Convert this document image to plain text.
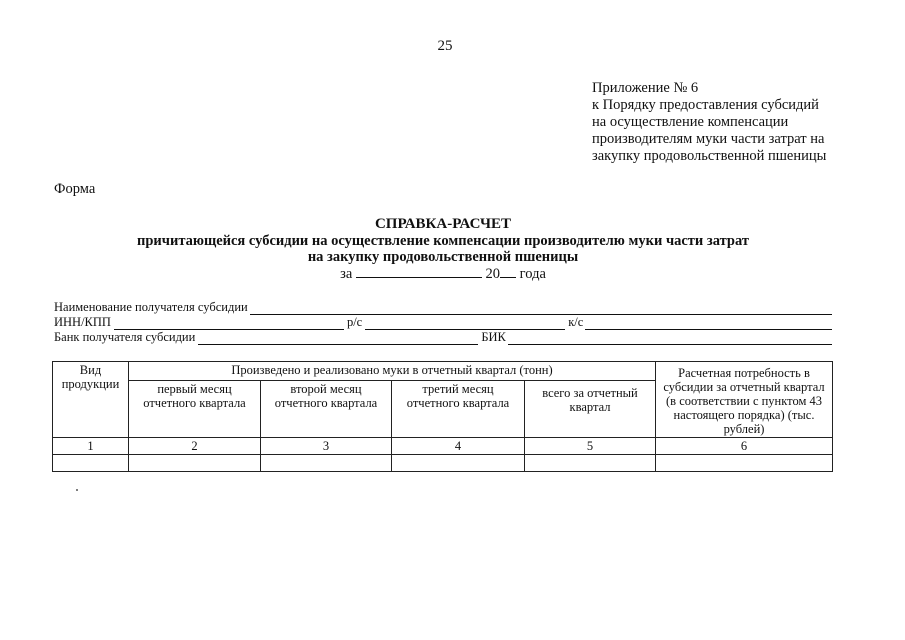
25
Приложение № 6
к Порядку предоставления субсидий
на осуществление компенсации
производителям муки части затрат на
закупку продовольственной пшеницы
Форма
СПРАВКА-РАСЧЕТ
причитающейся субсидии на осуществление компенсации производителю муки части затрат
на закупку продовольственной пшеницы
за	20 года
Наименование получателя субсидии
ИНН/КПП	р/с	к/с
Банк получателя субсидии	БИК
Вид продукции	Произведено и реализовано муки в отчетный квартал (тонн)				Расчетная потребность в субсидии за отчетный квартал (в соответствии с пунктом 43 настоящего порядка) (тыс. рублей)
	первый месяц отчетного квартала	второй месяц отчетного квартала	третий месяц отчетного квартала	всего за отчетный квартал	
1	2	3	4	5	6
